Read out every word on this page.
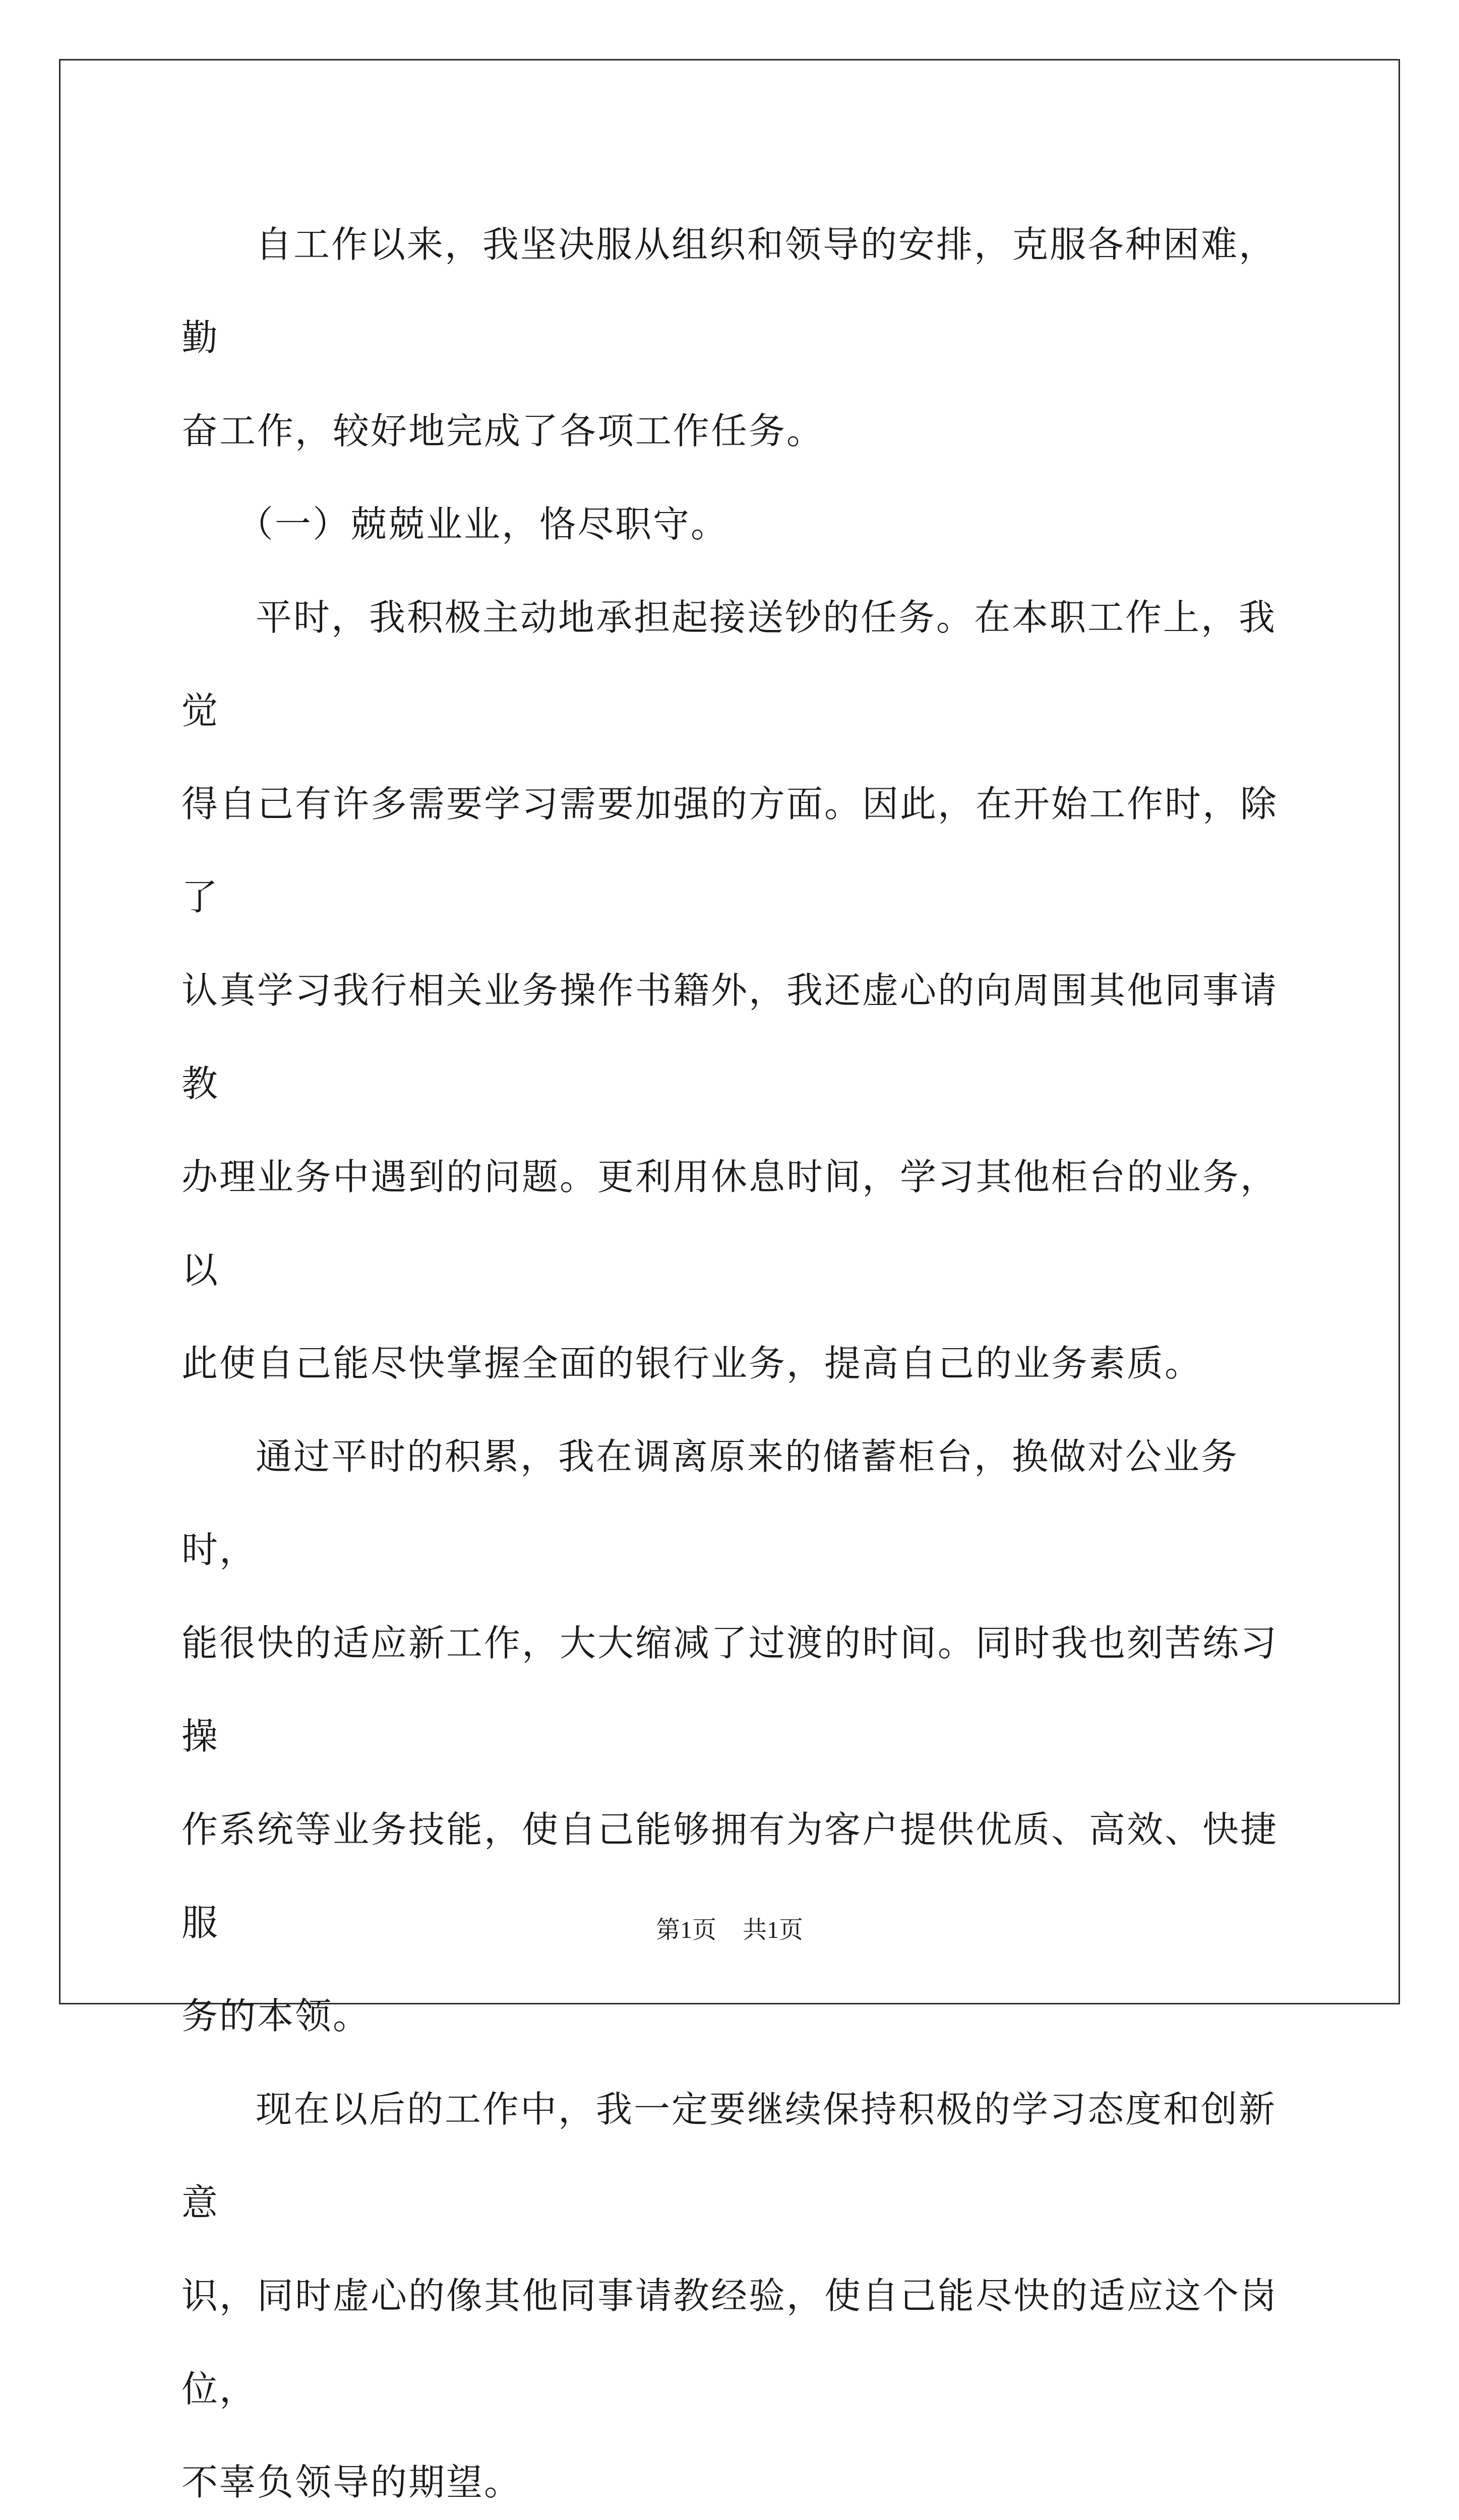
自工作以来，我坚决服从组织和领导的安排，克服各种困难，勤
奋工作，较好地完成了各项工作任务。

（一）兢兢业业，恪尽职守。

平时，我积极主动地承担起接送钞的任务。在本职工作上，我觉
得自己有许多需要学习需要加强的方面。因此，在开始工作时，除了
认真学习我行相关业务操作书籍外，我还虚心的向周围其他同事请教
办理业务中遇到的问题。更利用休息时间，学习其他柜台的业务，以
此使自己能尽快掌握全面的银行业务，提高自己的业务素质。

通过平时的积累，我在调离原来的储蓄柜台，换做对公业务时，
能很快的适应新工作，大大缩减了过渡的时间。同时我也刻苦练习操
作系统等业务技能，使自己能够拥有为客户提供优质、高效、快捷服
务的本领。

现在以后的工作中，我一定要继续保持积极的学习态度和创新意
识，同时虚心的像其他同事请教经验，使自己能尽快的适应这个岗位，
不辜负领导的期望。

第1页 共1页
